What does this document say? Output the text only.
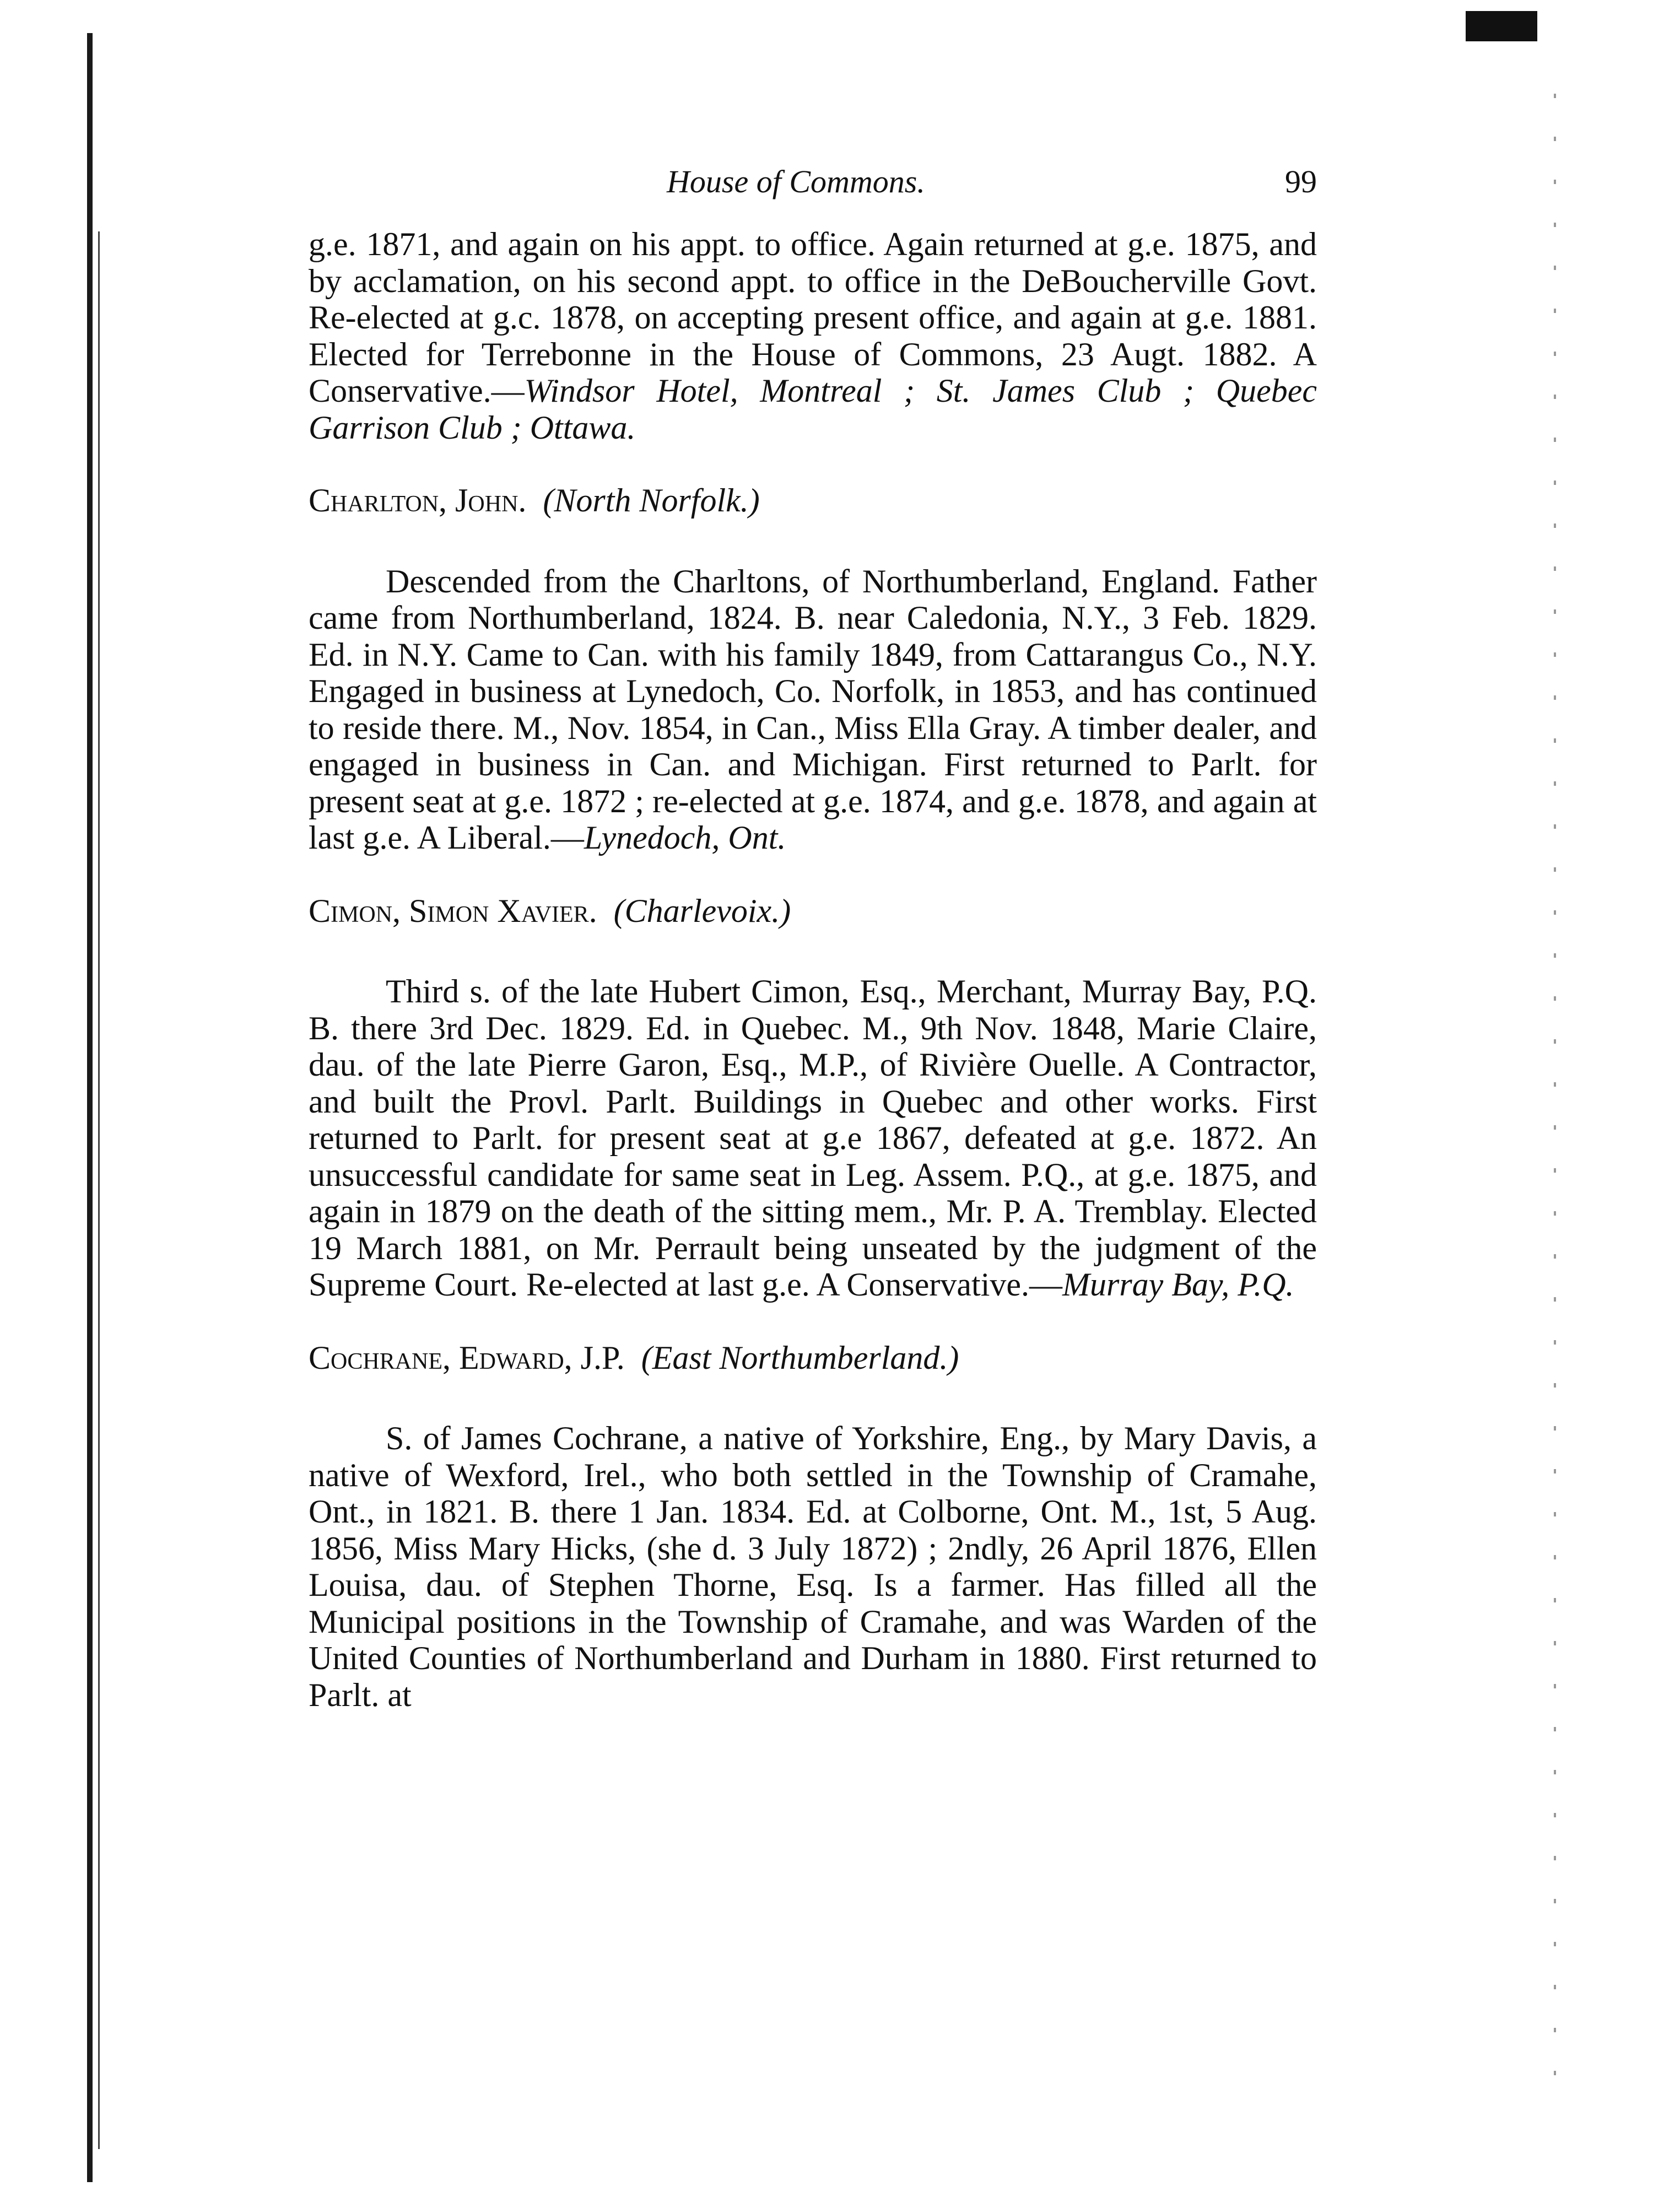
House of Commons.	99

g.e. 1871, and again on his appt. to office. Again returned at g.e. 1875, and by acclamation, on his second appt. to office in the DeBoucherville Govt. Re-elected at g.c. 1878, on accepting present office, and again at g.e. 1881. Elected for Terrebonne in the House of Commons, 23 Augt. 1882. A Conservative.—Windsor Hotel, Montreal ; St. James Club ; Quebec Garrison Club ; Ottawa.

Charlton, John. (North Norfolk.)

Descended from the Charltons, of Northumberland, England. Father came from Northumberland, 1824. B. near Caledonia, N.Y., 3 Feb. 1829. Ed. in N.Y. Came to Can. with his family 1849, from Cattarangus Co., N.Y. Engaged in business at Lynedoch, Co. Norfolk, in 1853, and has continued to reside there. M., Nov. 1854, in Can., Miss Ella Gray. A timber dealer, and engaged in business in Can. and Michigan. First returned to Parlt. for present seat at g.e. 1872 ; re-elected at g.e. 1874, and g.e. 1878, and again at last g.e. A Liberal.—Lynedoch, Ont.

Cimon, Simon Xavier. (Charlevoix.)

Third s. of the late Hubert Cimon, Esq., Merchant, Murray Bay, P.Q. B. there 3rd Dec. 1829. Ed. in Quebec. M., 9th Nov. 1848, Marie Claire, dau. of the late Pierre Garon, Esq., M.P., of Rivière Ouelle. A Contractor, and built the Provl. Parlt. Buildings in Quebec and other works. First returned to Parlt. for present seat at g.e 1867, defeated at g.e. 1872. An unsuccessful candidate for same seat in Leg. Assem. P.Q., at g.e. 1875, and again in 1879 on the death of the sitting mem., Mr. P. A. Tremblay. Elected 19 March 1881, on Mr. Perrault being unseated by the judgment of the Supreme Court. Re-elected at last g.e. A Conservative.—Murray Bay, P.Q.

Cochrane, Edward, J.P. (East Northumberland.)

S. of James Cochrane, a native of Yorkshire, Eng., by Mary Davis, a native of Wexford, Irel., who both settled in the Township of Cramahe, Ont., in 1821. B. there 1 Jan. 1834. Ed. at Colborne, Ont. M., 1st, 5 Aug. 1856, Miss Mary Hicks, (she d. 3 July 1872) ; 2ndly, 26 April 1876, Ellen Louisa, dau. of Stephen Thorne, Esq. Is a farmer. Has filled all the Municipal positions in the Township of Cramahe, and was Warden of the United Counties of Northumberland and Durham in 1880. First returned to Parlt. at
